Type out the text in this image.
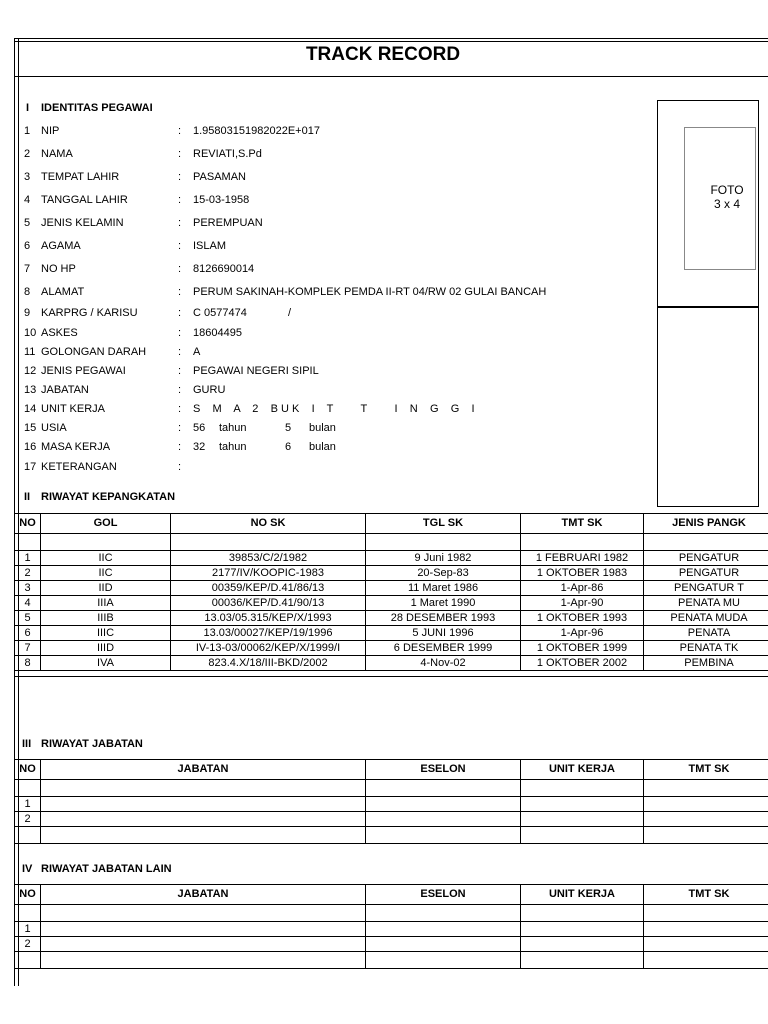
TRACK RECORD
I IDENTITAS PEGAWAI
1 NIP	: 1.95803151982022E+017
2 NAMA	: REVIATI,S.Pd
3 TEMPAT LAHIR	: PASAMAN
4 TANGGAL LAHIR	: 15-03-1958
5 JENIS KELAMIN	: PEREMPUAN
6 AGAMA	: ISLAM
7 NO HP	: 8126690014
8 ALAMAT	: PERUM SAKINAH-KOMPLEK PEMDA II-RT 04/RW 02 GULAI BANCAH
9 KARPRG / KARISU	: C 0577474	/
10 ASKES	: 18604495
11 GOLONGAN DARAH	: A
12 JENIS PEGAWAI	: PEGAWAI NEGERI SIPIL
13 JABATAN	: GURU
14 UNIT KERJA	: S    M    A    2    B U K    I    T         T         I    N    G    G    I
15 USIA	: 56 tahun	5 bulan
16 MASA KERJA	: 32 tahun	6 bulan
17 KETERANGAN	:
FOTO
3 x 4
II RIWAYAT KEPANGKATAN
NO	GOL	NO SK	TGL SK	TMT SK	JENIS PANGK

1	IIC	39853/C/2/1982	9 Juni 1982	1 FEBRUARI 1982	PENGATUR
2	IIC	2177/IV/KOOPIC-1983	20-Sep-83	1 OKTOBER 1983	PENGATUR
3	IID	00359/KEP/D.41/86/13	11 Maret 1986	1-Apr-86	PENGATUR T
4	IIIA	00036/KEP/D.41/90/13	1 Maret 1990	1-Apr-90	PENATA MU
5	IIIB	13.03/05.315/KEP/X/1993	28 DESEMBER 1993	1 OKTOBER 1993	PENATA MUDA
6	IIIC	13.03/00027/KEP/19/1996	5 JUNI 1996	1-Apr-96	PENATA
7	IIID	IV-13-03/00062/KEP/X/1999/I	6 DESEMBER 1999	1 OKTOBER 1999	PENATA TK
8	IVA	823.4.X/18/III-BKD/2002	4-Nov-02	1 OKTOBER 2002	PEMBINA
III RIWAYAT JABATAN
NO	JABATAN	ESELON	UNIT KERJA	TMT SK

1				
2				

IV RIWAYAT JABATAN LAIN
NO	JABATAN	ESELON	UNIT KERJA	TMT SK

1				
2				
